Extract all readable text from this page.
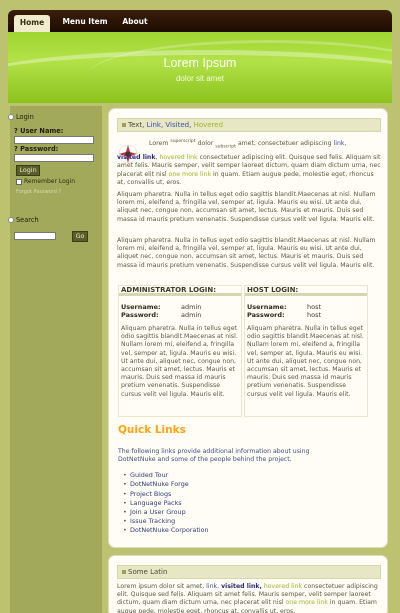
Home	Menu Item	About
Lorem Ipsum
dolor sit amet
Login
? User Name:
? Password:
Login
Remember Login
Forgot Password ?
Search
Go
Text, Link, Visited, Hovered
Lorem $^{superscript}$ dolor $_{subscript}$ amet, consectetuer adipiscing link,

visited link, hovered link consectetuer adipiscing elit. Quisque sed felis. Aliquam sit amet felis. Mauris semper, velit semper laoreet dictum, quam diam dictum urna, nec placerat elit nisl one more link in quam. Etiam augue pede, molestie eget, rhoncus at, convallis ut, eros.
Aliquam pharetra. Nulla in tellus eget odio sagittis blandit.Maecenas at nisl. Nullam lorem mi, eleifend a, fringilla vel, semper at, ligula. Mauris eu wisi. Ut ante dui, aliquet nec, congue non, accumsan sit amet, lectus. Mauris et mauris. Duis sed massa id mauris pretium venenatis. Suspendisse cursus velit vel ligula. Mauris elit.
Aliquam pharetra. Nulla in tellus eget odio sagittis blandit.Maecenas at nisl. Nullam lorem mi, eleifend a, fringilla vel, semper at, ligula. Mauris eu wisi. Ut ante dui, aliquet nec, congue non, accumsan sit amet, lectus. Mauris et mauris. Duis sed massa id mauris pretium venenatis. Suspendisse cursus velit vel ligula. Mauris elit.
ADMINISTRATOR LOGIN:
Username:	admin
Password:	admin
Aliquam pharetra. Nulla in tellus eget odio sagittis blandit.Maecenas at nisl. Nullam lorem mi, eleifend a, fringilla vel, semper at, ligula. Mauris eu wisi. Ut ante dui, aliquet nec, congue non, accumsan sit amet, lectus. Mauris et mauris. Duis sed massa id mauris pretium venenatis. Suspendisse cursus velit vel ligula. Mauris elit.
HOST LOGIN:
Username:	host
Password:	host
Aliquam pharetra. Nulla in tellus eget odio sagittis blandit.Maecenas at nisl. Nullam lorem mi, eleifend a, fringilla vel, semper at, ligula. Mauris eu wisi. Ut ante dui, aliquet nec, congue non, accumsan sit amet, lectus. Mauris et mauris. Duis sed massa id mauris pretium venenatis. Suspendisse cursus velit vel ligula. Mauris elit.
Quick Links
The following links provide additional information about using DotNetNuke and some of the people behind the project.
• Guided Tour
• DotNetNuke Forge
• Project Blogs
• Language Packs
• Join a User Group
• Issue Tracking
• DotNetNuke Corporation
Some Latin
Lorem ipsum dolor sit amet, link, visited link, hovered link consectetuer adipiscing elit. Quisque sed felis. Aliquam sit amet felis. Mauris semper, velit semper laoreet dictum, quam diam dictum urna, nec placerat elit nisl one more link in quam. Etiam augue pede, molestie eget, rhoncus at, convallis ut, eros.
